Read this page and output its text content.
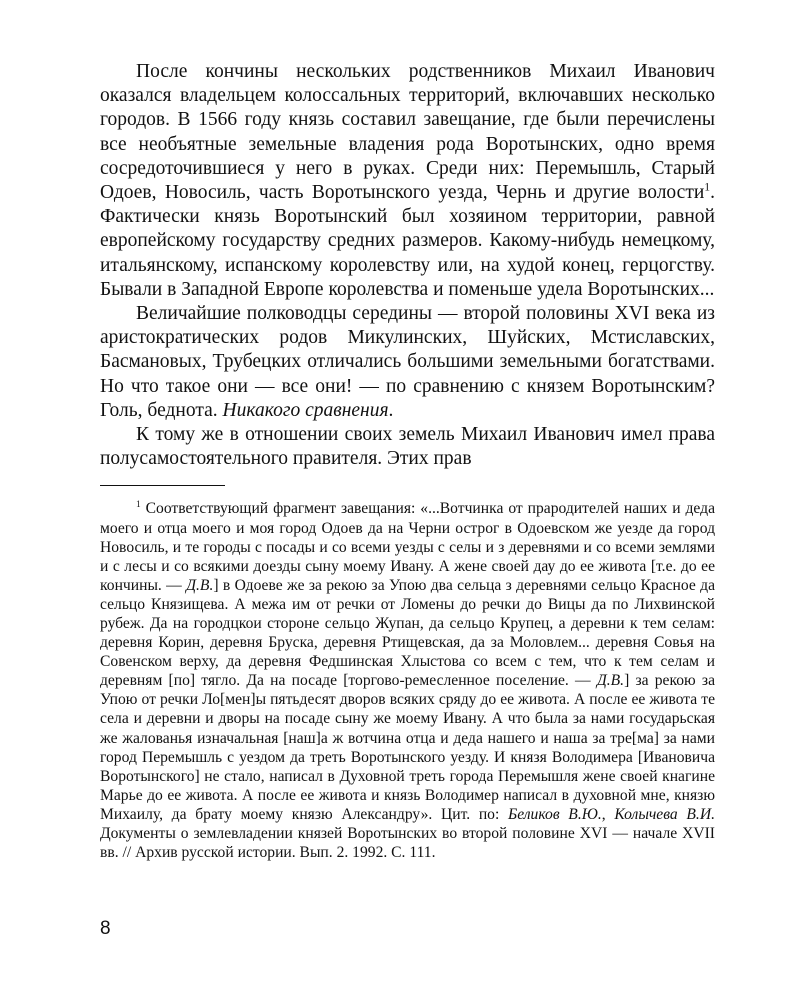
После кончины нескольких родственников Михаил Иванович оказался владельцем колоссальных территорий, включавших несколько городов. В 1566 году князь составил завещание, где были перечислены все необъятные земельные владения рода Воротынских, одно время сосредоточившиеся у него в руках. Среди них: Перемышль, Старый Одоев, Новосиль, часть Воротынского уезда, Чернь и другие волости$^1$. Фактически князь Воротынский был хозяином территории, равной европейскому государству средних размеров. Какому-нибудь немецкому, итальянскому, испанскому королевству или, на худой конец, герцогству. Бывали в Западной Европе королевства и поменьше удела Воротынских...

Величайшие полководцы середины — второй половины XVI века из аристократических родов Микулинских, Шуйских, Мстиславских, Басмановых, Трубецких отличались большими земельными богатствами. Но что такое они — все они! — по сравнению с князем Воротынским? Голь, беднота. Никакого сравнения.

К тому же в отношении своих земель Михаил Иванович имел права полусамостоятельного правителя. Этих прав

$^1$ Соответствующий фрагмент завещания: «...Вотчинка от прародителей наших и деда моего и отца моего и моя город Одоев да на Черни острог в Одоевском же уезде да город Новосиль, и те городы с посады и со всеми уезды с селы и з деревнями и со всеми землями и с лесы и со всякими доезды сыну моему Ивану. А жене своей дау до ее живота [т.е. до ее кончины. — Д.В.] в Одоеве же за рекою за Упою два сельца з деревнями сельцо Красное да сельцо Князищева. А межа им от речки от Ломены до речки до Вицы да по Лихвинской рубеж. Да на городцкои стороне сельцо Жупан, да сельцо Крупец, а деревни к тем селам: деревня Корин, деревня Бруска, деревня Ртищевская, да за Моловлем... деревня Совья на Совенском верху, да деревня Федшинская Хлыстова со всем с тем, что к тем селам и деревням [по] тягло. Да на посаде [торгово-ремесленное поселение. — Д.В.] за рекою за Упою от речки Ло[мен]ы пятьдесят дворов всяких сряду до ее живота. А после ее живота те села и деревни и дворы на посаде сыну же моему Ивану. А что была за нами государьская же жалованья изначальная [наш]а ж вотчина отца и деда нашего и наша за тре[ма] за нами город Перемышль с уездом да треть Воротынского уезду. И князя Володимера [Ивановича Воротынского] не стало, написал в Духовной треть города Перемышля жене своей кнагине Марье до ее живота. А после ее живота и князь Володимер написал в духовной мне, князю Михаилу, да брату моему князю Александру». Цит. по: Беликов В.Ю., Колычева В.И. Документы о землевладении князей Воротынских во второй половине XVI — начале XVII вв. // Архив русской истории. Вып. 2. 1992. С. 111.

8
